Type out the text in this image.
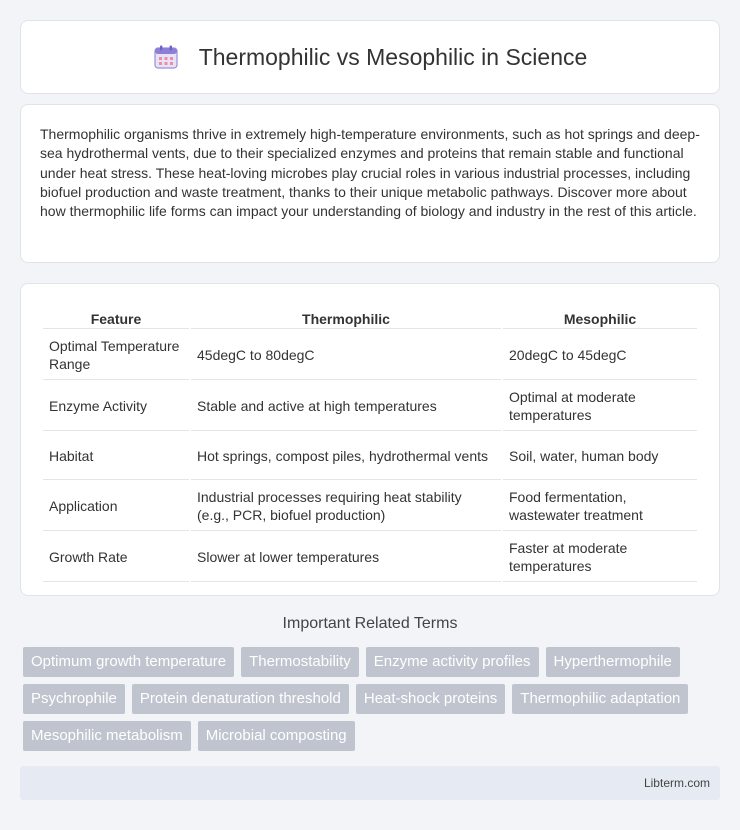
Thermophilic vs Mesophilic in Science

Thermophilic organisms thrive in extremely high-temperature environments, such as hot springs and deep-sea hydrothermal vents, due to their specialized enzymes and proteins that remain stable and functional under heat stress. These heat-loving microbes play crucial roles in various industrial processes, including biofuel production and waste treatment, thanks to their unique metabolic pathways. Discover more about how thermophilic life forms can impact your understanding of biology and industry in the rest of this article.

Feature	Thermophilic	Mesophilic
Optimal Temperature Range	45degC to 80degC	20degC to 45degC
Enzyme Activity	Stable and active at high temperatures	Optimal at moderate temperatures
Habitat	Hot springs, compost piles, hydrothermal vents	Soil, water, human body
Application	Industrial processes requiring heat stability (e.g., PCR, biofuel production)	Food fermentation, wastewater treatment
Growth Rate	Slower at lower temperatures	Faster at moderate temperatures
Important Related Terms
Optimum growth temperature	Thermostability	Enzyme activity profiles	Hyperthermophile
Psychrophile	Protein denaturation threshold	Heat-shock proteins	Thermophilic adaptation
Mesophilic metabolism	Microbial composting
Libterm.com
